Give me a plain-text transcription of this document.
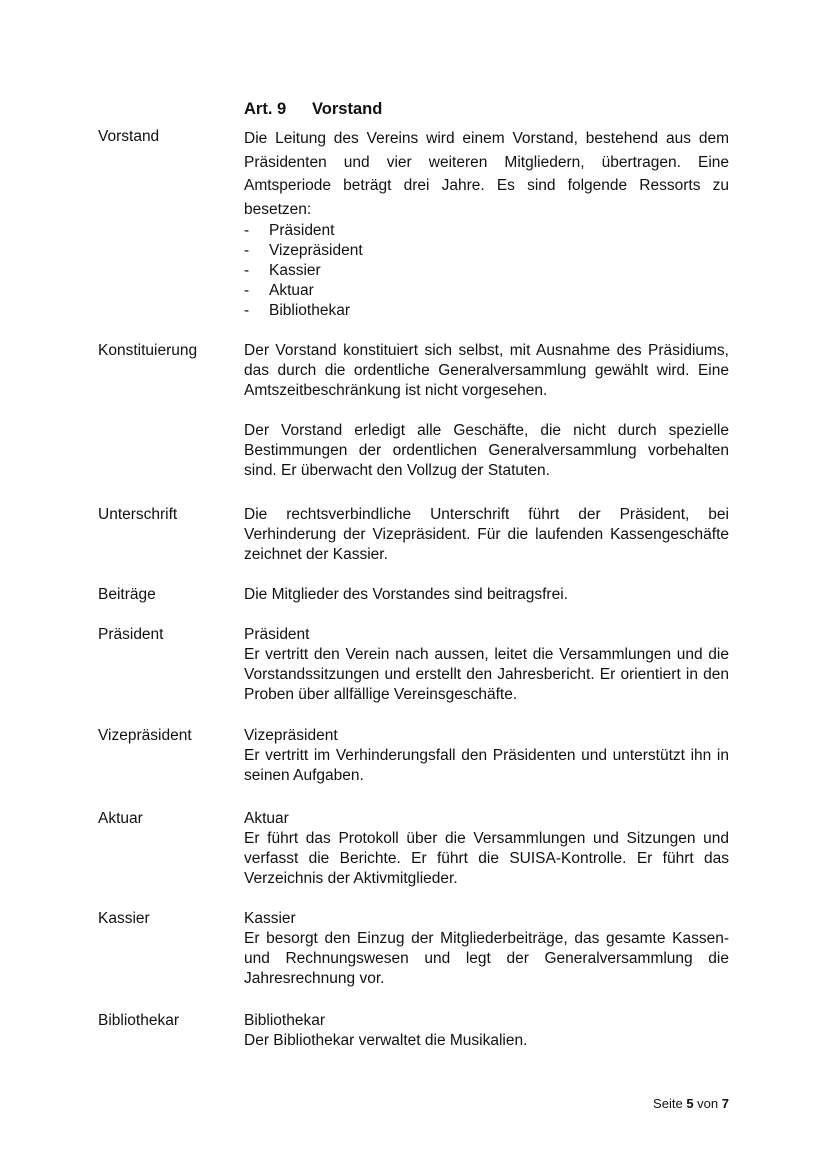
Art. 9 Vorstand
Vorstand	Die Leitung des Vereins wird einem Vorstand, bestehend aus dem Präsidenten und vier weiteren Mitgliedern, übertragen. Eine Amtsperiode beträgt drei Jahre. Es sind folgende Ressorts zu besetzen:

- Präsident
- Vizepräsident
- Kassier
- Aktuar
- Bibliothekar
Konstituierung	Der Vorstand konstituiert sich selbst, mit Ausnahme des Präsidiums, das durch die ordentliche Generalversammlung gewählt wird. Eine Amtszeitbeschränkung ist nicht vorgesehen.

Der Vorstand erledigt alle Geschäfte, die nicht durch spezielle Bestimmungen der ordentlichen Generalversammlung vorbehalten sind. Er überwacht den Vollzug der Statuten.

Unterschrift	Die rechtsverbindliche Unterschrift führt der Präsident, bei Verhinderung der Vizepräsident. Für die laufenden Kassengeschäfte zeichnet der Kassier.

Beiträge	Die Mitglieder des Vorstandes sind beitragsfrei.

Präsident	Präsident

Er vertritt den Verein nach aussen, leitet die Versammlungen und die Vorstandssitzungen und erstellt den Jahresbericht. Er orientiert in den Proben über allfällige Vereinsgeschäfte.

Vizepräsident	Vizepräsident

Er vertritt im Verhinderungsfall den Präsidenten und unterstützt ihn in seinen Aufgaben.

Aktuar	Aktuar

Er führt das Protokoll über die Versammlungen und Sitzungen und verfasst die Berichte. Er führt die SUISA-Kontrolle. Er führt das Verzeichnis der Aktivmitglieder.

Kassier	Kassier

Er besorgt den Einzug der Mitgliederbeiträge, das gesamte Kassen- und Rechnungswesen und legt der Generalversammlung die Jahresrechnung vor.

Bibliothekar	Bibliothekar

Der Bibliothekar verwaltet die Musikalien.

Seite 5 von 7
